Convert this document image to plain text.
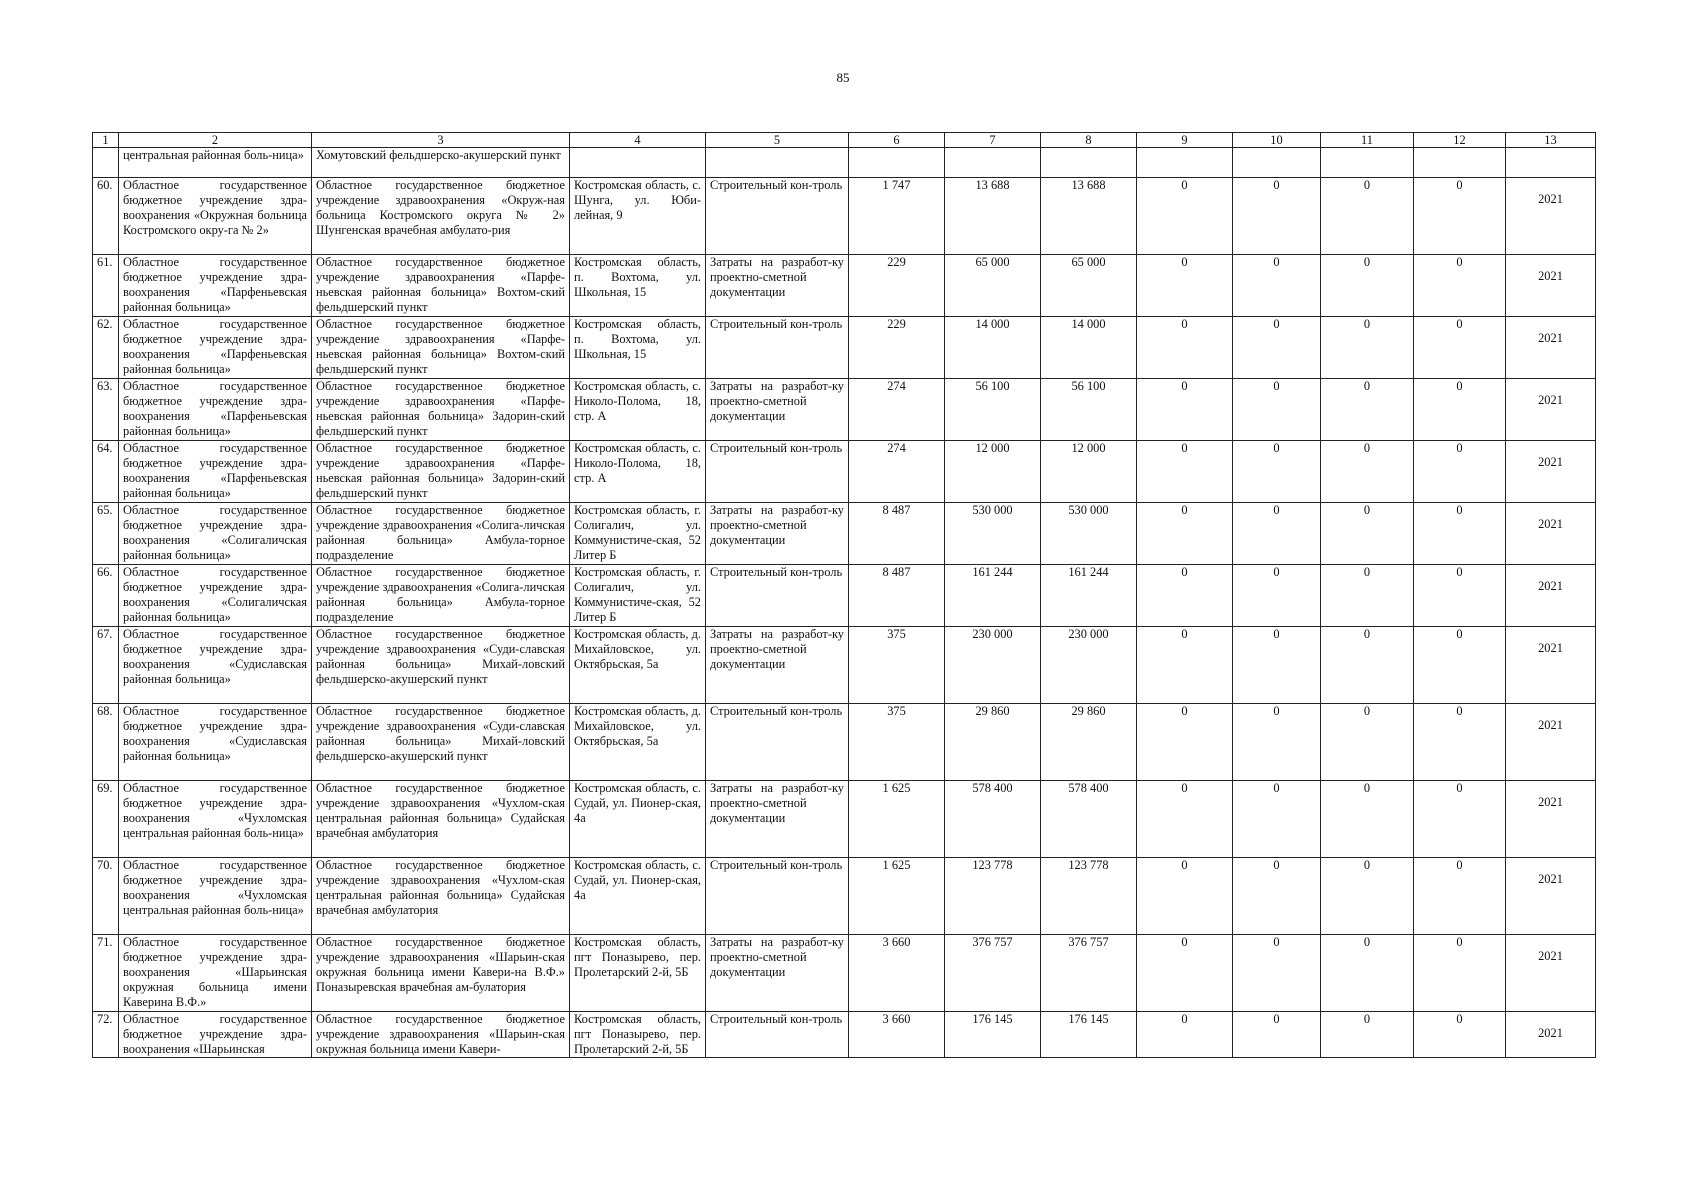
85
1	2	3	4	5	6	7	8	9	10	11	12	13
	центральная районная боль-ница»	Хомутовский фельдшерско-акушерский пункт										
60.	Областное государственное бюджетное учреждение здра-воохранения «Окружная больница Костромского окру-га № 2»	Областное государственное бюджетное учреждение здравоохранения «Окруж-ная больница Костромского округа № 2» Шунгенская врачебная амбулато-рия	Костромская область, с. Шунга, ул. Юби-лейная, 9	Строительный кон-троль	1 747	13 688	13 688	0	0	0	0	2021
61.	Областное государственное бюджетное учреждение здра-воохранения «Парфеньевская районная больница»	Областное государственное бюджетное учреждение здравоохранения «Парфе-ньевская районная больница» Вохтом-ский фельдшерский пункт	Костромская область, п. Вохтома, ул. Школьная, 15	Затраты на разработ-ку проектно-сметной документации	229	65 000	65 000	0	0	0	0	2021
62.	Областное государственное бюджетное учреждение здра-воохранения «Парфеньевская районная больница»	Областное государственное бюджетное учреждение здравоохранения «Парфе-ньевская районная больница» Вохтом-ский фельдшерский пункт	Костромская область, п. Вохтома, ул. Школьная, 15	Строительный кон-троль	229	14 000	14 000	0	0	0	0	2021
63.	Областное государственное бюджетное учреждение здра-воохранения «Парфеньевская районная больница»	Областное государственное бюджетное учреждение здравоохранения «Парфе-ньевская районная больница» Задорин-ский фельдшерский пункт	Костромская область, с. Николо-Полома, 18, стр. А	Затраты на разработ-ку проектно-сметной документации	274	56 100	56 100	0	0	0	0	2021
64.	Областное государственное бюджетное учреждение здра-воохранения «Парфеньевская районная больница»	Областное государственное бюджетное учреждение здравоохранения «Парфе-ньевская районная больница» Задорин-ский фельдшерский пункт	Костромская область, с. Николо-Полома, 18, стр. А	Строительный кон-троль	274	12 000	12 000	0	0	0	0	2021
65.	Областное государственное бюджетное учреждение здра-воохранения «Солигаличская районная больница»	Областное государственное бюджетное учреждение здравоохранения «Солига-личская районная больница» Амбула-торное подразделение	Костромская область, г. Солигалич, ул. Коммунистиче-ская, 52 Литер Б	Затраты на разработ-ку проектно-сметной документации	8 487	530 000	530 000	0	0	0	0	2021
66.	Областное государственное бюджетное учреждение здра-воохранения «Солигаличская районная больница»	Областное государственное бюджетное учреждение здравоохранения «Солига-личская районная больница» Амбула-торное подразделение	Костромская область, г. Солигалич, ул. Коммунистиче-ская, 52 Литер Б	Строительный кон-троль	8 487	161 244	161 244	0	0	0	0	2021
67.	Областное государственное бюджетное учреждение здра-воохранения «Судиславская районная больница»	Областное государственное бюджетное учреждение здравоохранения «Суди-славская районная больница» Михай-ловский фельдшерско-акушерский пункт	Костромская область, д. Михайловское, ул. Октябрьская, 5а	Затраты на разработ-ку проектно-сметной документации	375	230 000	230 000	0	0	0	0	2021
68.	Областное государственное бюджетное учреждение здра-воохранения «Судиславская районная больница»	Областное государственное бюджетное учреждение здравоохранения «Суди-славская районная больница» Михай-ловский фельдшерско-акушерский пункт	Костромская область, д. Михайловское, ул. Октябрьская, 5а	Строительный кон-троль	375	29 860	29 860	0	0	0	0	2021
69.	Областное государственное бюджетное учреждение здра-воохранения «Чухломская центральная районная боль-ница»	Областное государственное бюджетное учреждение здравоохранения «Чухлом-ская центральная районная больница» Судайская врачебная амбулатория	Костромская область, с. Судай, ул. Пионер-ская, 4а	Затраты на разработ-ку проектно-сметной документации	1 625	578 400	578 400	0	0	0	0	2021
70.	Областное государственное бюджетное учреждение здра-воохранения «Чухломская центральная районная боль-ница»	Областное государственное бюджетное учреждение здравоохранения «Чухлом-ская центральная районная больница» Судайская врачебная амбулатория	Костромская область, с. Судай, ул. Пионер-ская, 4а	Строительный кон-троль	1 625	123 778	123 778	0	0	0	0	2021
71.	Областное государственное бюджетное учреждение здра-воохранения «Шарьинская окружная больница имени Каверина В.Ф.»	Областное государственное бюджетное учреждение здравоохранения «Шарьин-ская окружная больница имени Кавери-на В.Ф.» Поназыревская врачебная ам-булатория	Костромская область, пгт Поназырево, пер. Пролетарский 2-й, 5Б	Затраты на разработ-ку проектно-сметной документации	3 660	376 757	376 757	0	0	0	0	2021
72.	Областное государственное бюджетное учреждение здра-воохранения «Шарьинская	Областное государственное бюджетное учреждение здравоохранения «Шарьин-ская окружная больница имени Кавери-	Костромская область, пгт Поназырево, пер. Пролетарский 2-й, 5Б	Строительный кон-троль	3 660	176 145	176 145	0	0	0	0	2021
